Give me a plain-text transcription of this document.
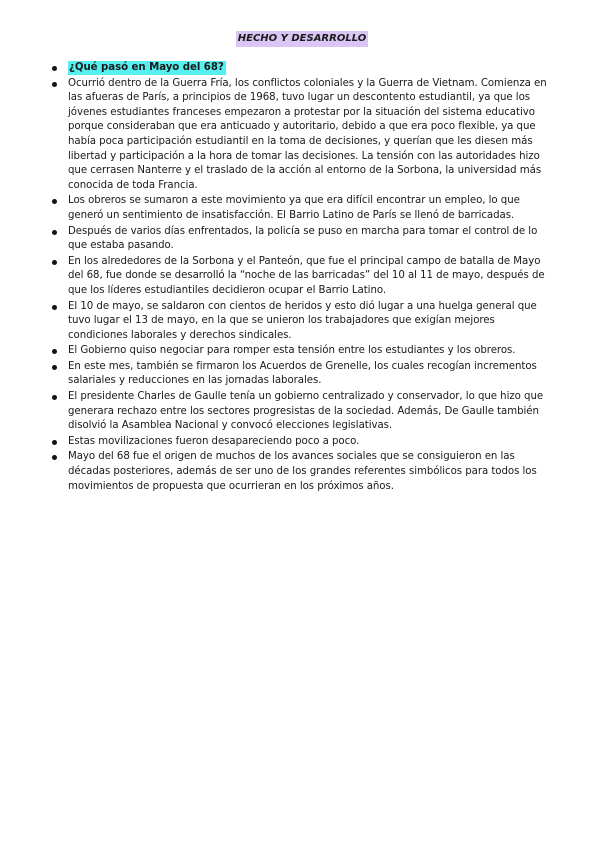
HECHO Y DESARROLLO
¿Qué pasó en Mayo del 68?
Ocurrió dentro de la Guerra Fría, los conflictos coloniales y la Guerra de Vietnam. Comienza en las afueras de París, a principios de 1968, tuvo lugar un descontento estudiantil, ya que los jóvenes estudiantes franceses empezaron a protestar por la situación del sistema educativo porque consideraban que era anticuado y autoritario, debido a que era poco flexible, ya que había poca participación estudiantil en la toma de decisiones, y querían que les diesen más libertad y participación a la hora de tomar las decisiones. La tensión con las autoridades hizo que cerrasen Nanterre y el traslado de la acción al entorno de la Sorbona, la universidad más conocida de toda Francia.
Los obreros se sumaron a este movimiento ya que era difícil encontrar un empleo, lo que generó un sentimiento de insatisfacción. El Barrio Latino de París se llenó de barricadas.
Después de varios días enfrentados, la policía se puso en marcha para tomar el control de lo que estaba pasando.
En los alrededores de la Sorbona y el Panteón, que fue el principal campo de batalla de Mayo del 68, fue donde se desarrolló la “noche de las barricadas” del 10 al 11 de mayo, después de que los líderes estudiantiles decidieron ocupar el Barrio Latino.
El 10 de mayo, se saldaron con cientos de heridos y esto dió lugar a una huelga general que tuvo lugar el 13 de mayo, en la que se unieron los trabajadores que exigían mejores condiciones laborales y derechos sindicales.
El Gobierno quiso negociar para romper esta tensión entre los estudiantes y los obreros.
En este mes, también se firmaron los Acuerdos de Grenelle, los cuales recogían incrementos salariales y reducciones en las jornadas laborales.
El presidente Charles de Gaulle tenía un gobierno centralizado y conservador, lo que hizo que generara rechazo entre los sectores progresistas de la sociedad. Además, De Gaulle también disolvió la Asamblea Nacional y convocó elecciones legislativas.
Estas movilizaciones fueron desapareciendo poco a poco.
Mayo del 68 fue el origen de muchos de los avances sociales que se consiguieron en las décadas posteriores, además de ser uno de los grandes referentes simbólicos para todos los movimientos de propuesta que ocurrieran en los próximos años.
